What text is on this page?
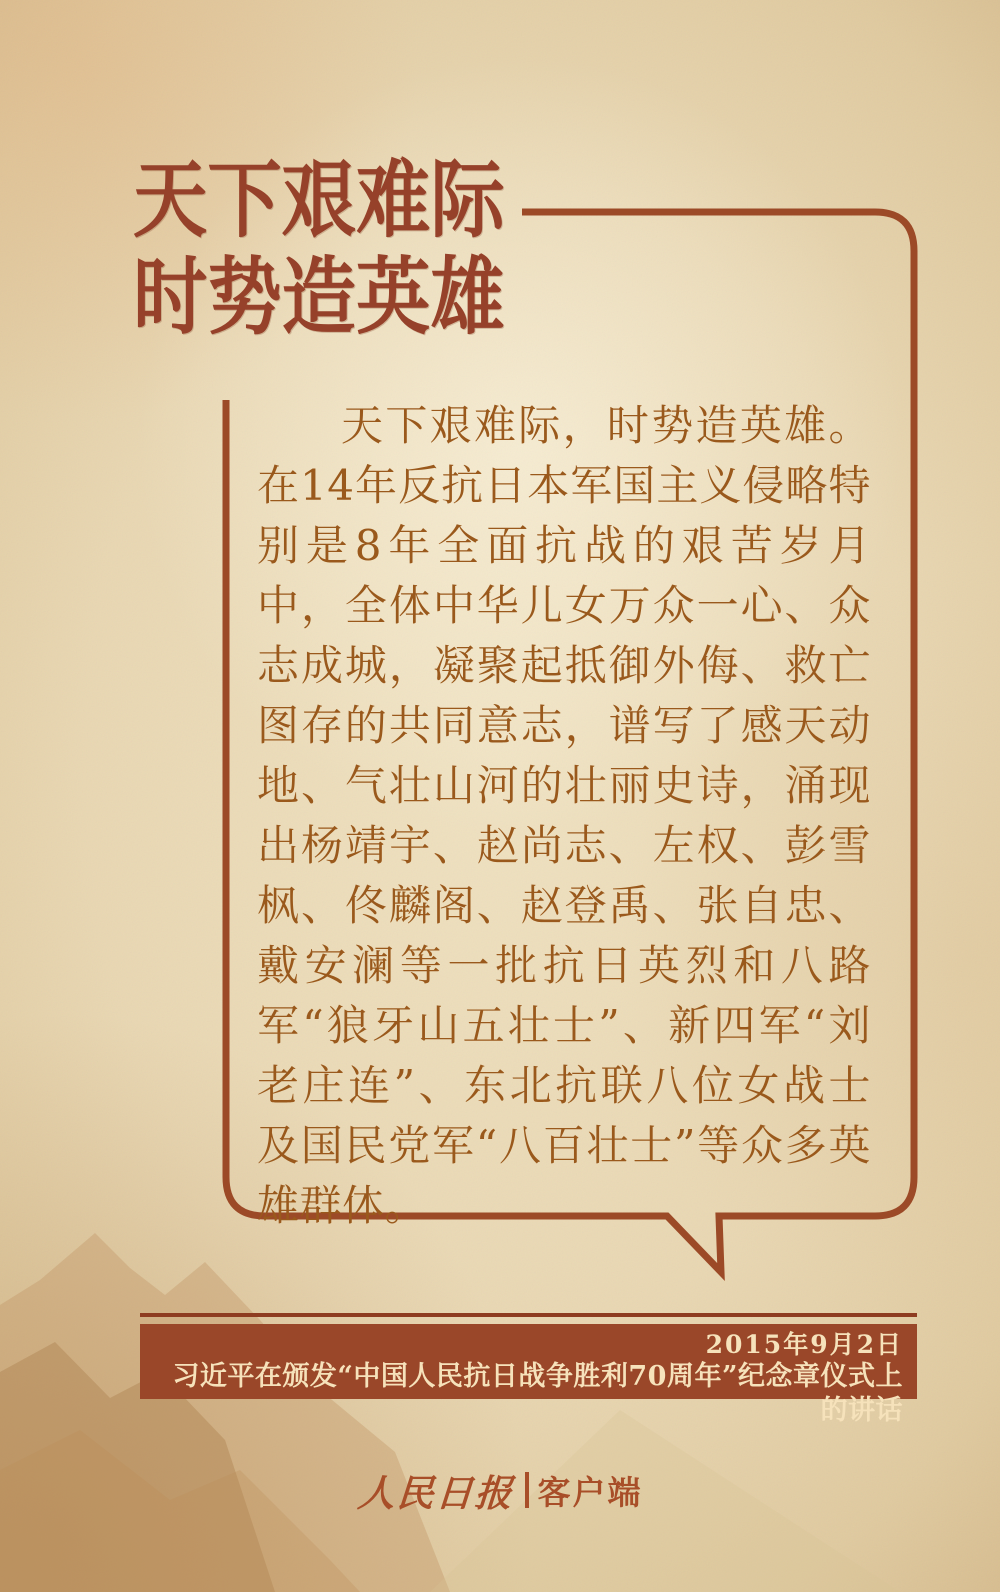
天下艰难际
时势造英雄
天下艰难际，时势造英雄。在14年反抗日本军国主义侵略特别是8年全面抗战的艰苦岁月中，全体中华儿女万众一心、众志成城，凝聚起抵御外侮、救亡图存的共同意志，谱写了感天动地、气壮山河的壮丽史诗，涌现出杨靖宇、赵尚志、左权、彭雪枫、佟麟阁、赵登禹、张自忠、戴安澜等一批抗日英烈和八路军“狼牙山五壮士”、新四军“刘老庄连”、东北抗联八位女战士及国民党军“八百壮士”等众多英雄群体。
2015年9月2日
习近平在颁发“中国人民抗日战争胜利70周年”纪念章仪式上的讲话
人民日报 客户端
